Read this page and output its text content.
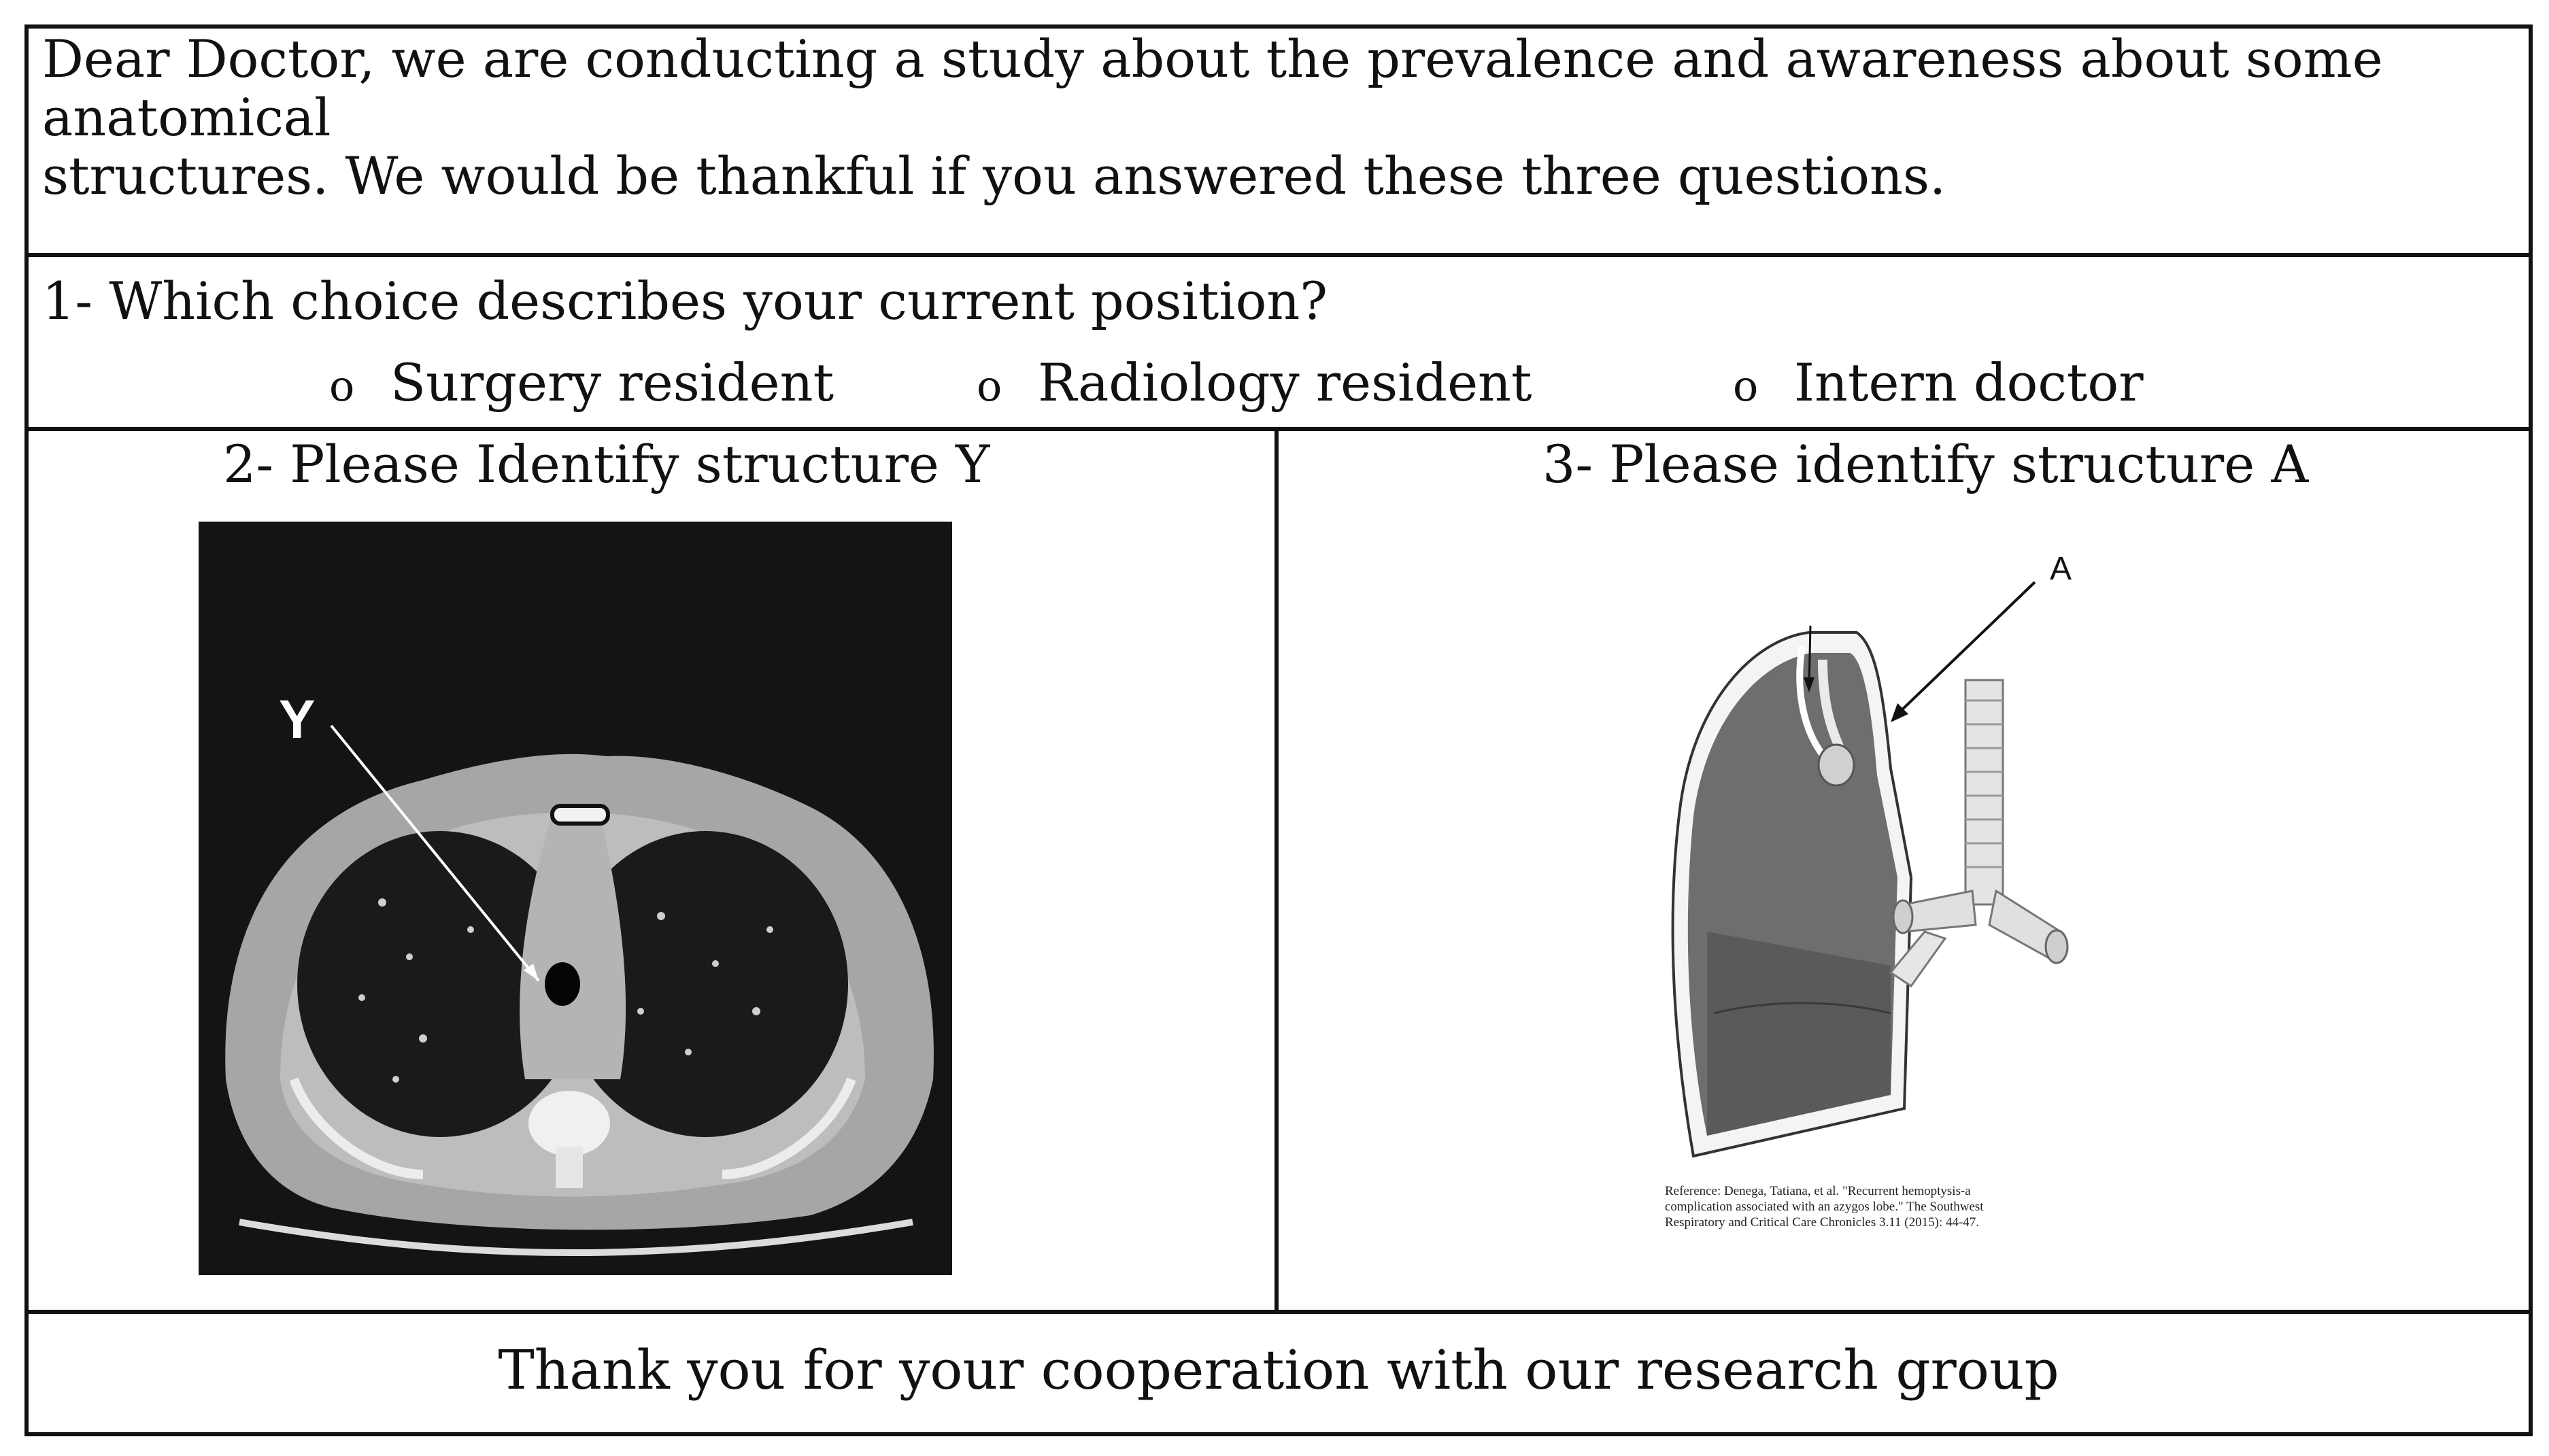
Dear Doctor, we are conducting a study about the prevalence and awareness about some anatomical
structures. We would be thankful if you answered these three questions.

1- Which choice describes your current position?

o Surgery resident	o Radiology resident	o Intern doctor

2- Please Identify structure Y

Y

3- Please identify structure A

A
Reference: Denega, Tatiana, et al. "Recurrent hemoptysis-a
complication associated with an azygos lobe." The Southwest
Respiratory and Critical Care Chronicles 3.11 (2015): 44-47.

Thank you for your cooperation with our research group
